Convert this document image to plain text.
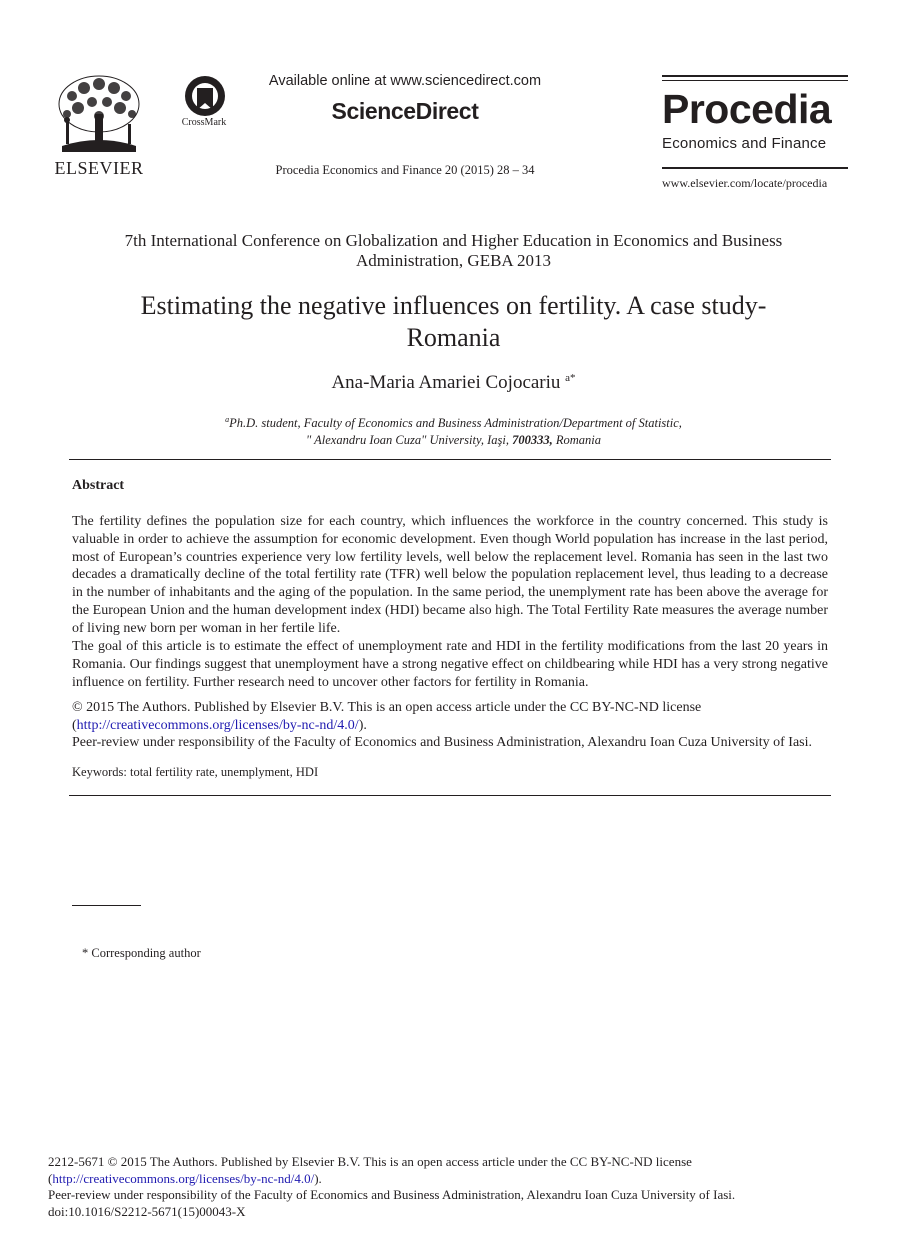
ELSEVIER
CrossMark
Available online at www.sciencedirect.com
ScienceDirect
Procedia Economics and Finance 20 (2015) 28 – 34
Procedia
Economics and Finance
www.elsevier.com/locate/procedia
7th International Conference on Globalization and Higher Education in Economics and Business
Administration, GEBA 2013
Estimating the negative influences on fertility. A case study-
Romania
Ana-Maria Amariei Cojocariu $^{a*}$
$^a$Ph.D. student, Faculty of Economics and Business Administration/Department of Statistic,
" Alexandru Ioan Cuza" University, Iaşi, 700333, Romania
Abstract
The fertility defines the population size for each country, which influences the workforce in the country concerned. This study is valuable in order to achieve the assumption for economic development. Even though World population has increase in the last period, most of European’s countries experience very low fertility levels, well below the replacement level. Romania has seen in the last two decades a dramatically decline of the total fertility rate (TFR) well below the population replacement level, thus leading to a decrease in the number of inhabitants and the aging of the population. In the same period, the unemplyment rate has been above the average for the European Union and the human development index (HDI) became also high. The Total Fertility Rate measures the average number of living new born per woman in her fertile life.
The goal of this article is to estimate the effect of unemployment rate and HDI in the fertility modifications from the last 20 years in Romania. Our findings suggest that unemployment have a strong negative effect on childbearing while HDI has a very strong negative influence on fertility. Further research need to uncover other factors for fertility in Romania.
© 2015 The Authors. Published by Elsevier B.V. This is an open access article under the CC BY-NC-ND license
(http://creativecommons.org/licenses/by-nc-nd/4.0/).
Peer-review under responsibility of the Faculty of Economics and Business Administration, Alexandru Ioan Cuza University of Iasi.
Keywords: total fertility rate, unemplyment, HDI
* Corresponding author
2212-5671 © 2015 The Authors. Published by Elsevier B.V. This is an open access article under the CC BY-NC-ND license
(http://creativecommons.org/licenses/by-nc-nd/4.0/).
Peer-review under responsibility of the Faculty of Economics and Business Administration, Alexandru Ioan Cuza University of Iasi.
doi:10.1016/S2212-5671(15)00043-X
